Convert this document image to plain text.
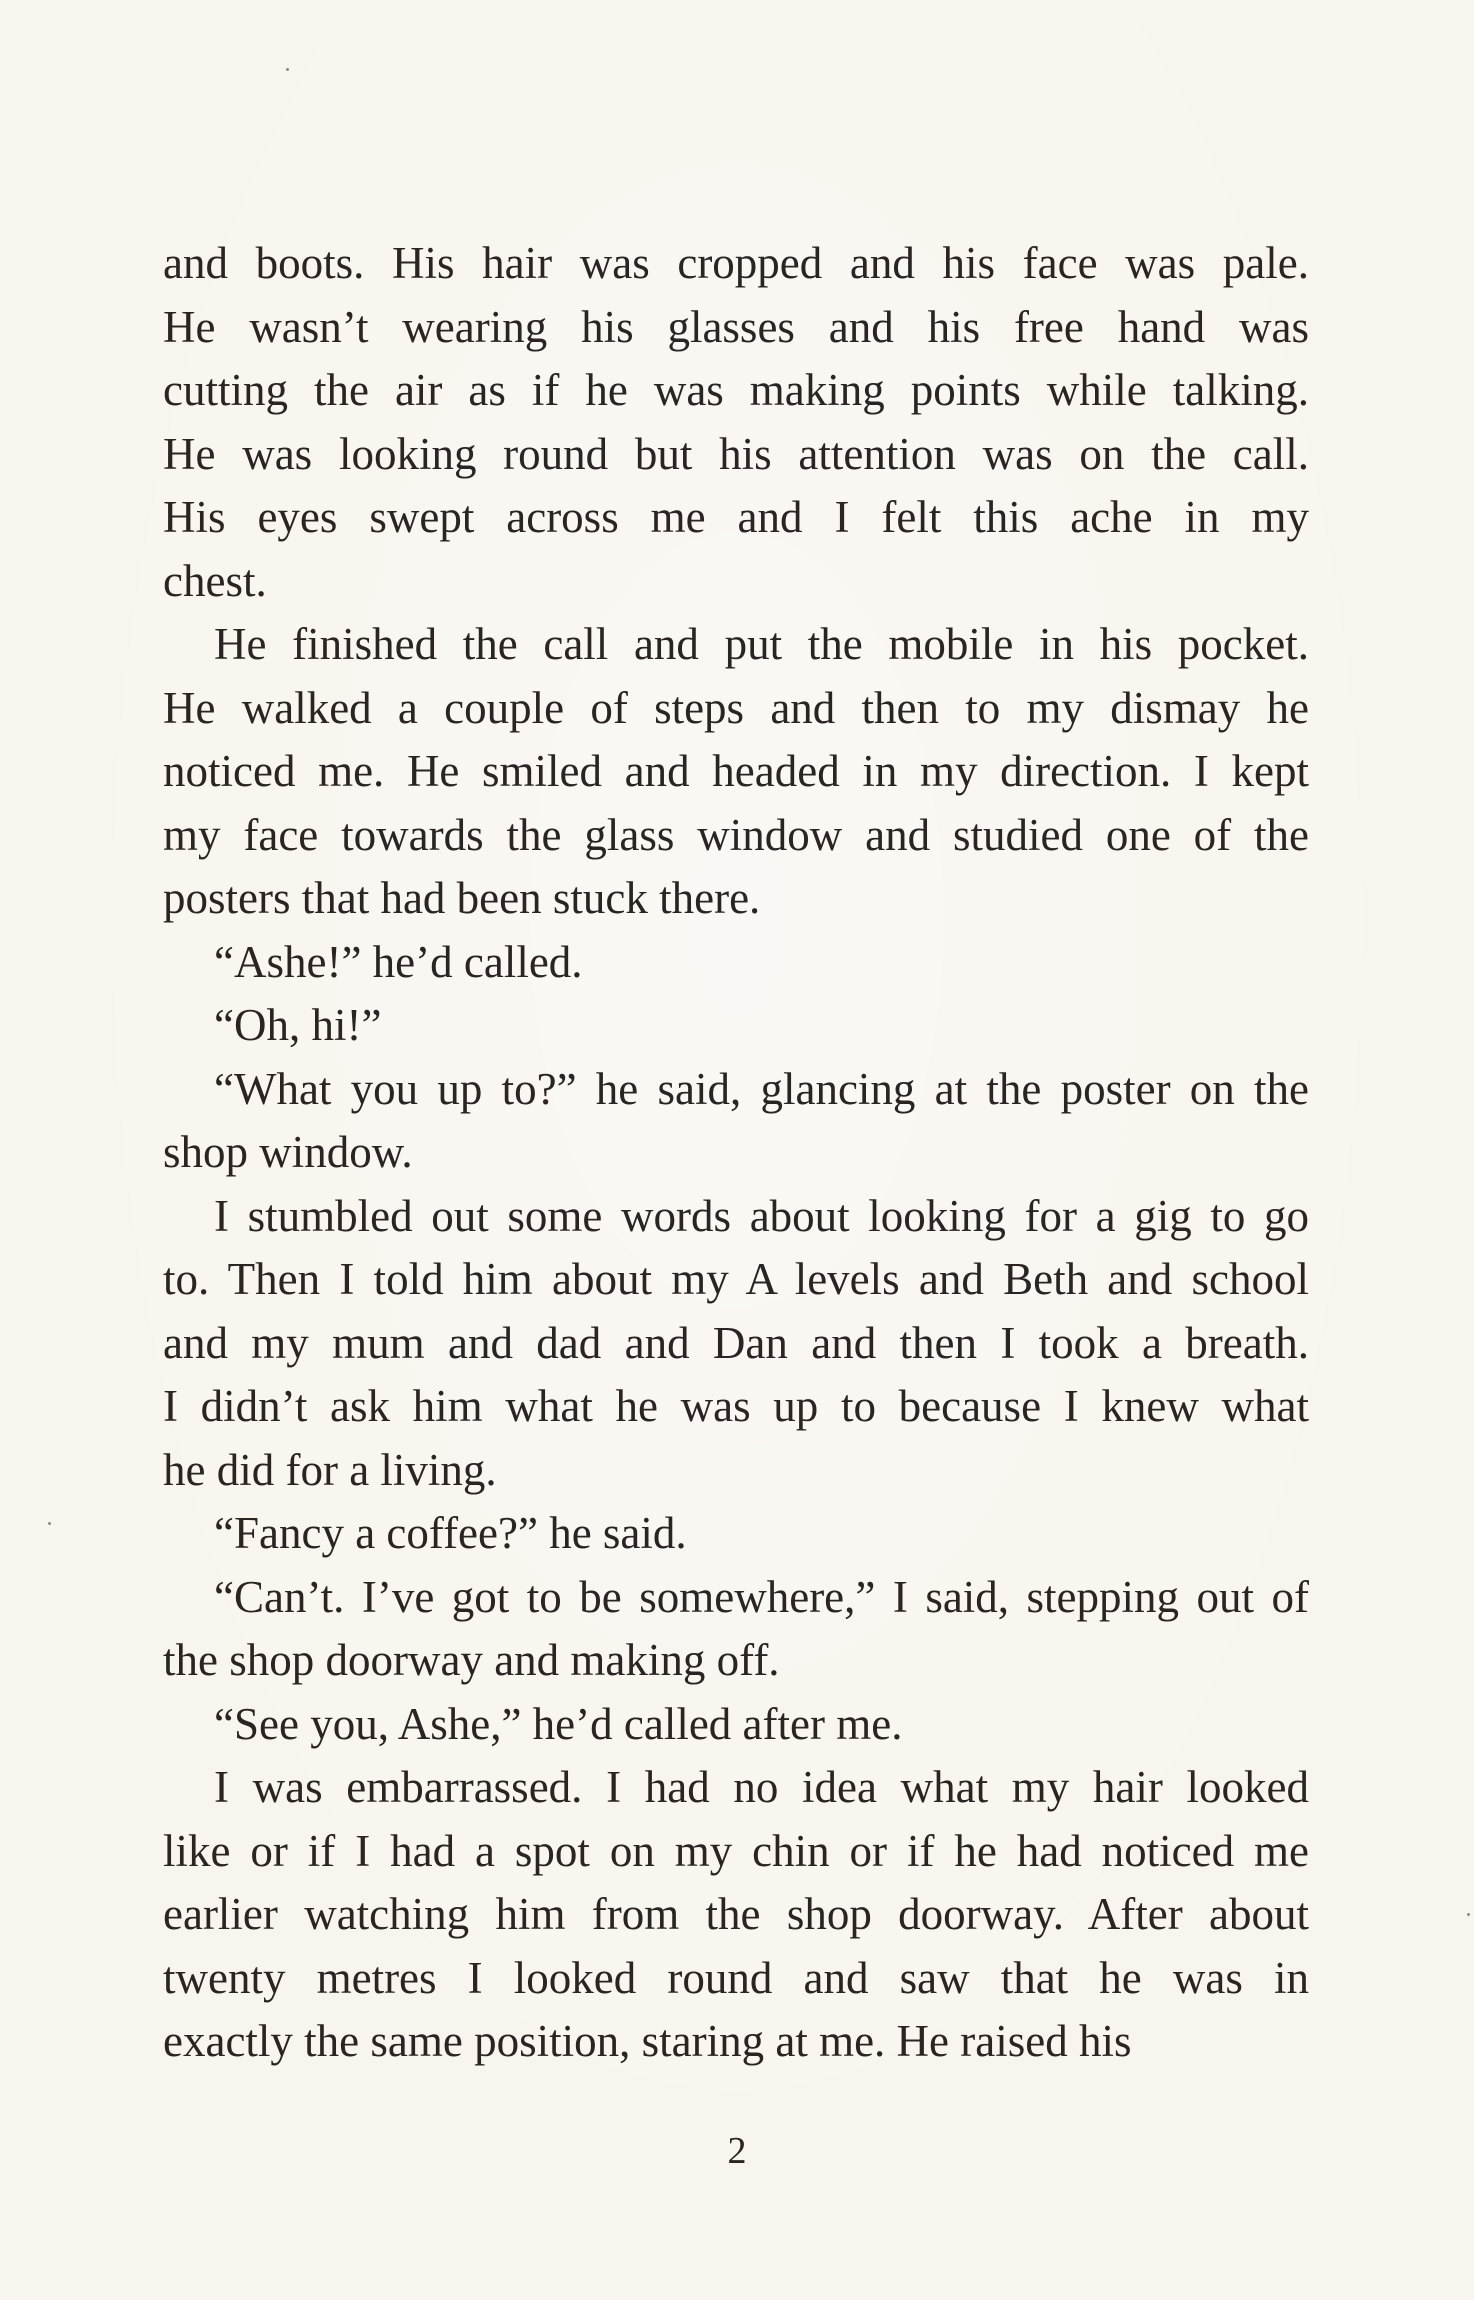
and boots. His hair was cropped and his face was pale.
He wasn’t wearing his glasses and his free hand was
cutting the air as if he was making points while talking.
He was looking round but his attention was on the call.
His eyes swept across me and I felt this ache in my
chest.
He finished the call and put the mobile in his pocket.
He walked a couple of steps and then to my dismay he
noticed me. He smiled and headed in my direction. I kept
my face towards the glass window and studied one of the
posters that had been stuck there.
“Ashe!” he’d called.
“Oh, hi!”
“What you up to?” he said, glancing at the poster on the
shop window.
I stumbled out some words about looking for a gig to go
to. Then I told him about my A levels and Beth and school
and my mum and dad and Dan and then I took a breath.
I didn’t ask him what he was up to because I knew what
he did for a living.
“Fancy a coffee?” he said.
“Can’t. I’ve got to be somewhere,” I said, stepping out of
the shop doorway and making off.
“See you, Ashe,” he’d called after me.
I was embarrassed. I had no idea what my hair looked
like or if I had a spot on my chin or if he had noticed me
earlier watching him from the shop doorway. After about
twenty metres I looked round and saw that he was in
exactly the same position, staring at me. He raised his
2
